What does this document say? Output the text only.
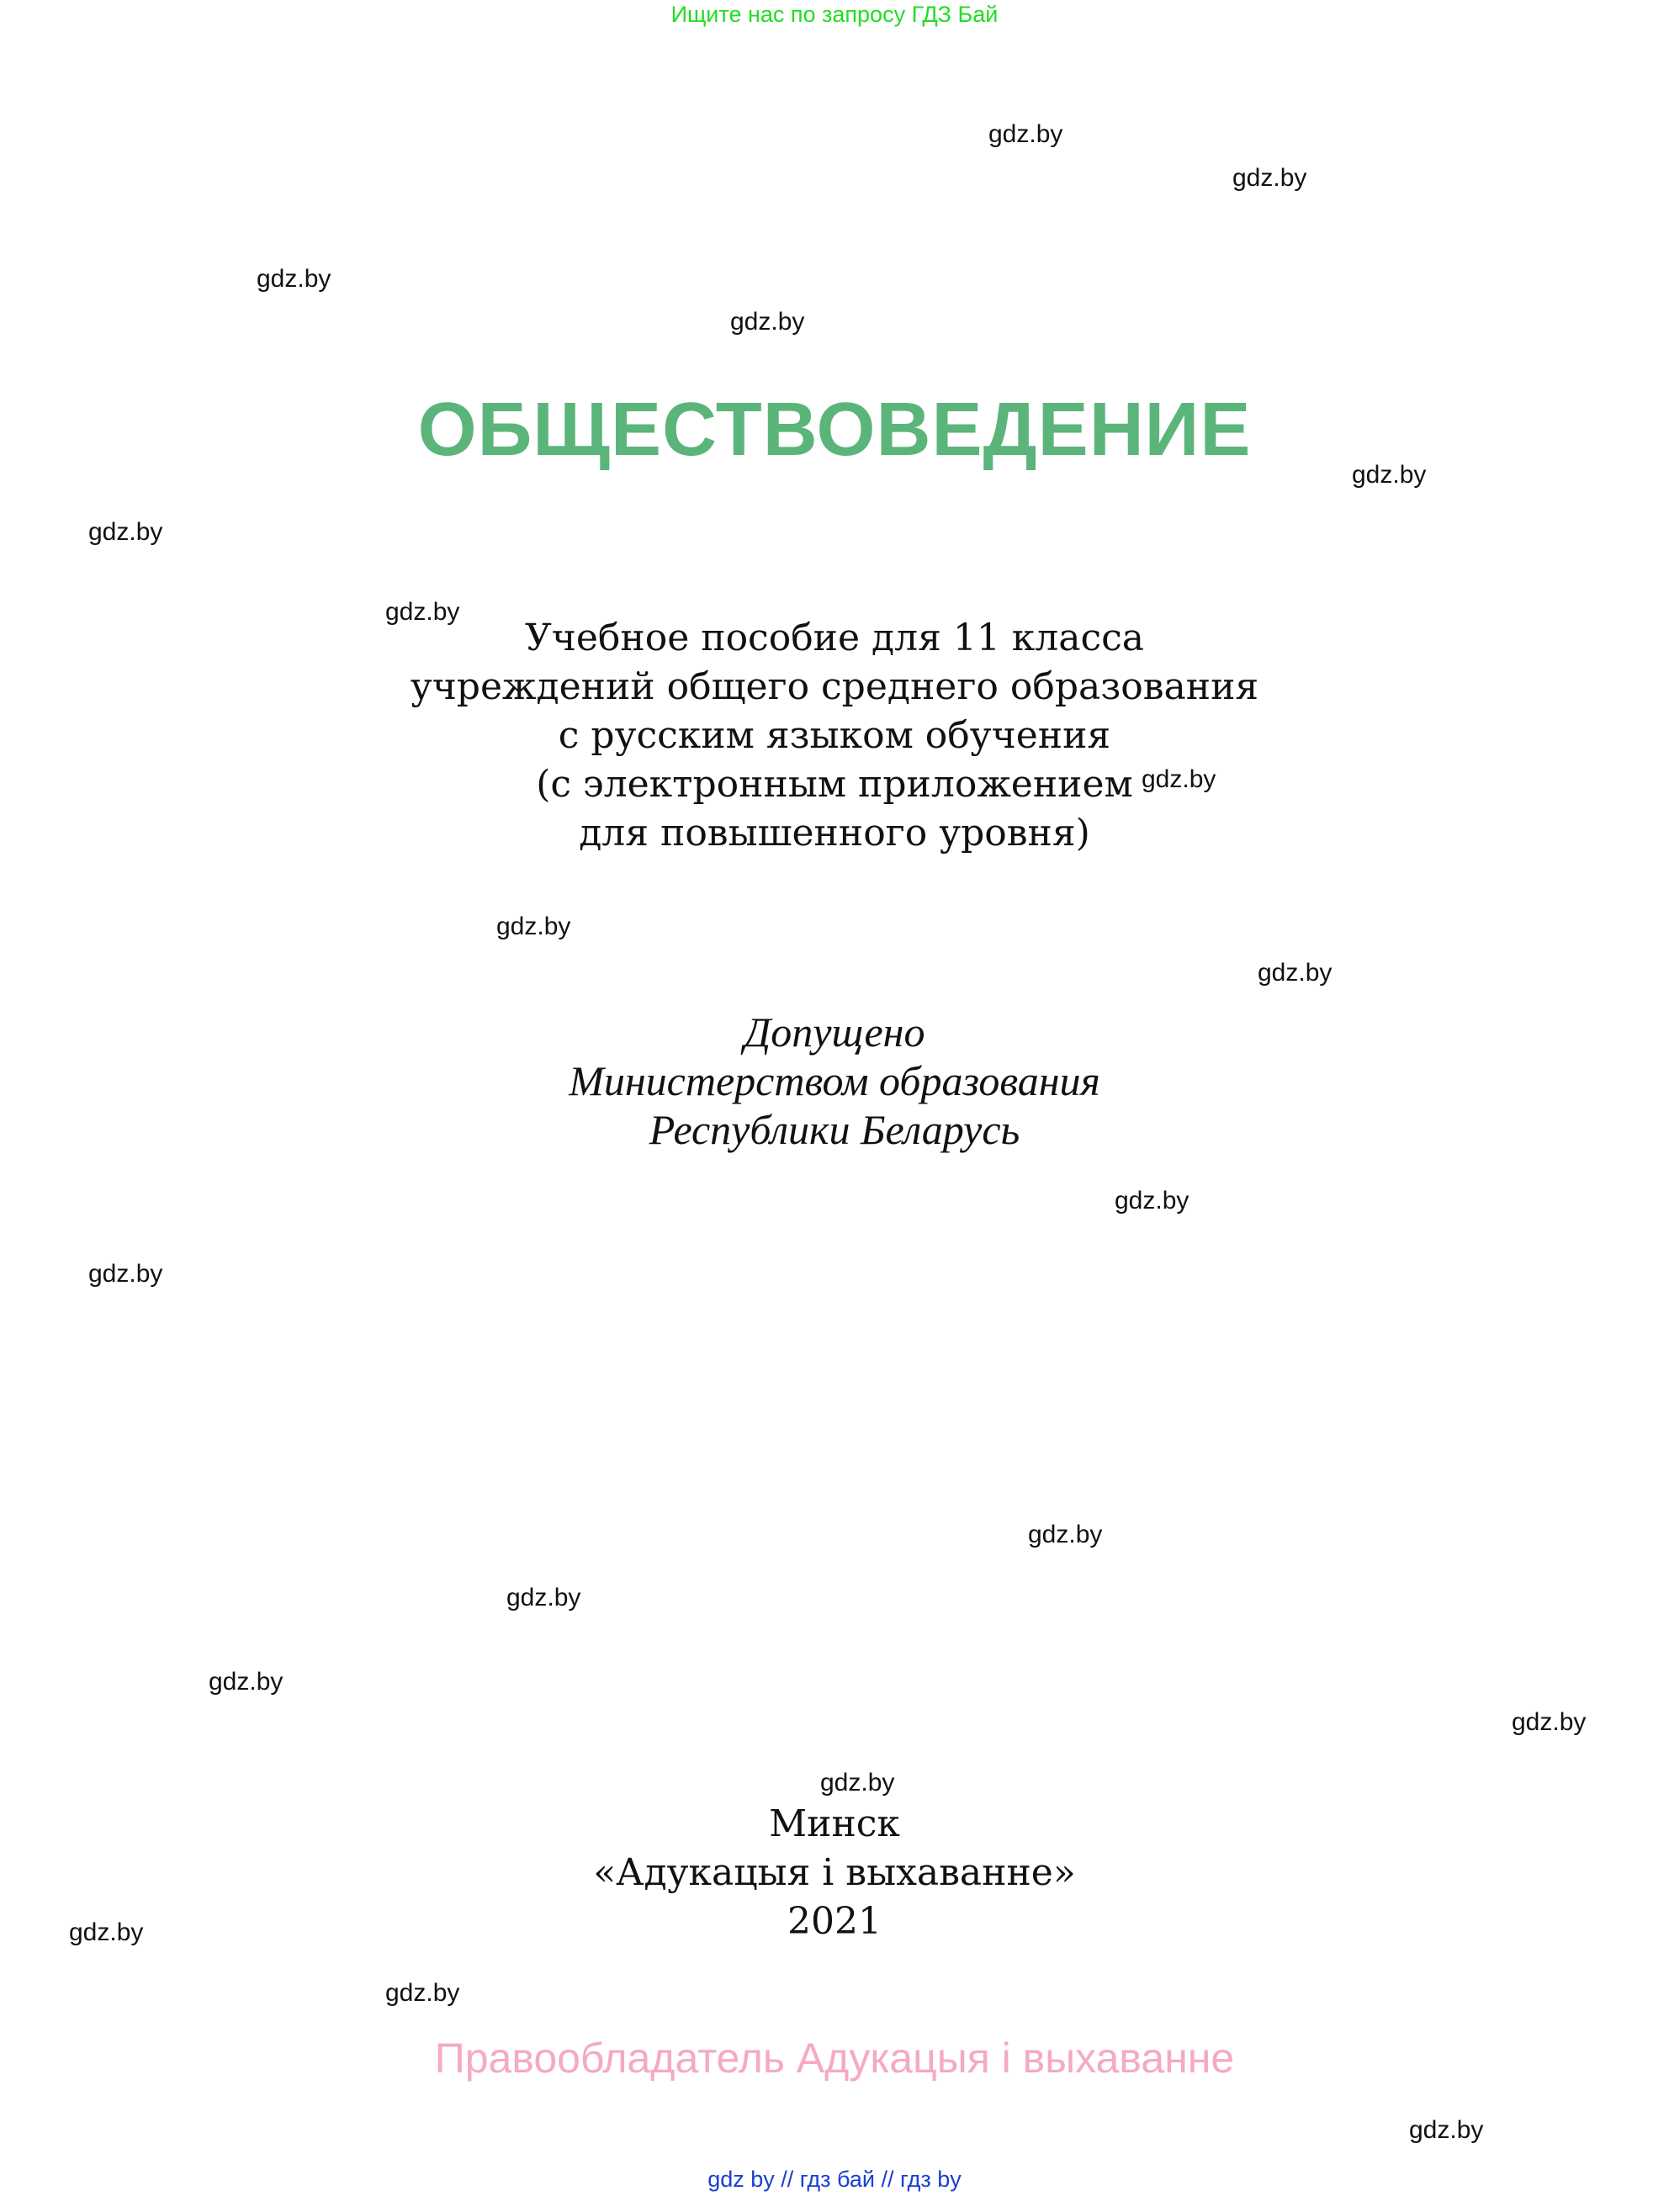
Ищите нас по запросу ГДЗ Бай
ОБЩЕСТВОВЕДЕНИЕ
Учебное пособие для 11 класса
учреждений общего среднего образования
с русским языком обучения
(с электронным приложением
для повышенного уровня)
Допущено
Министерством образования
Республики Беларусь
Минск
«Адукацыя і выхаванне»
2021
Правообладатель Адукацыя і выхаванне
gdz by // гдз бай // гдз by
gdz.by
gdz.by
gdz.by
gdz.by
gdz.by
gdz.by
gdz.by
gdz.by
gdz.by
gdz.by
gdz.by
gdz.by
gdz.by
gdz.by
gdz.by
gdz.by
gdz.by
gdz.by
gdz.by
gdz.by
